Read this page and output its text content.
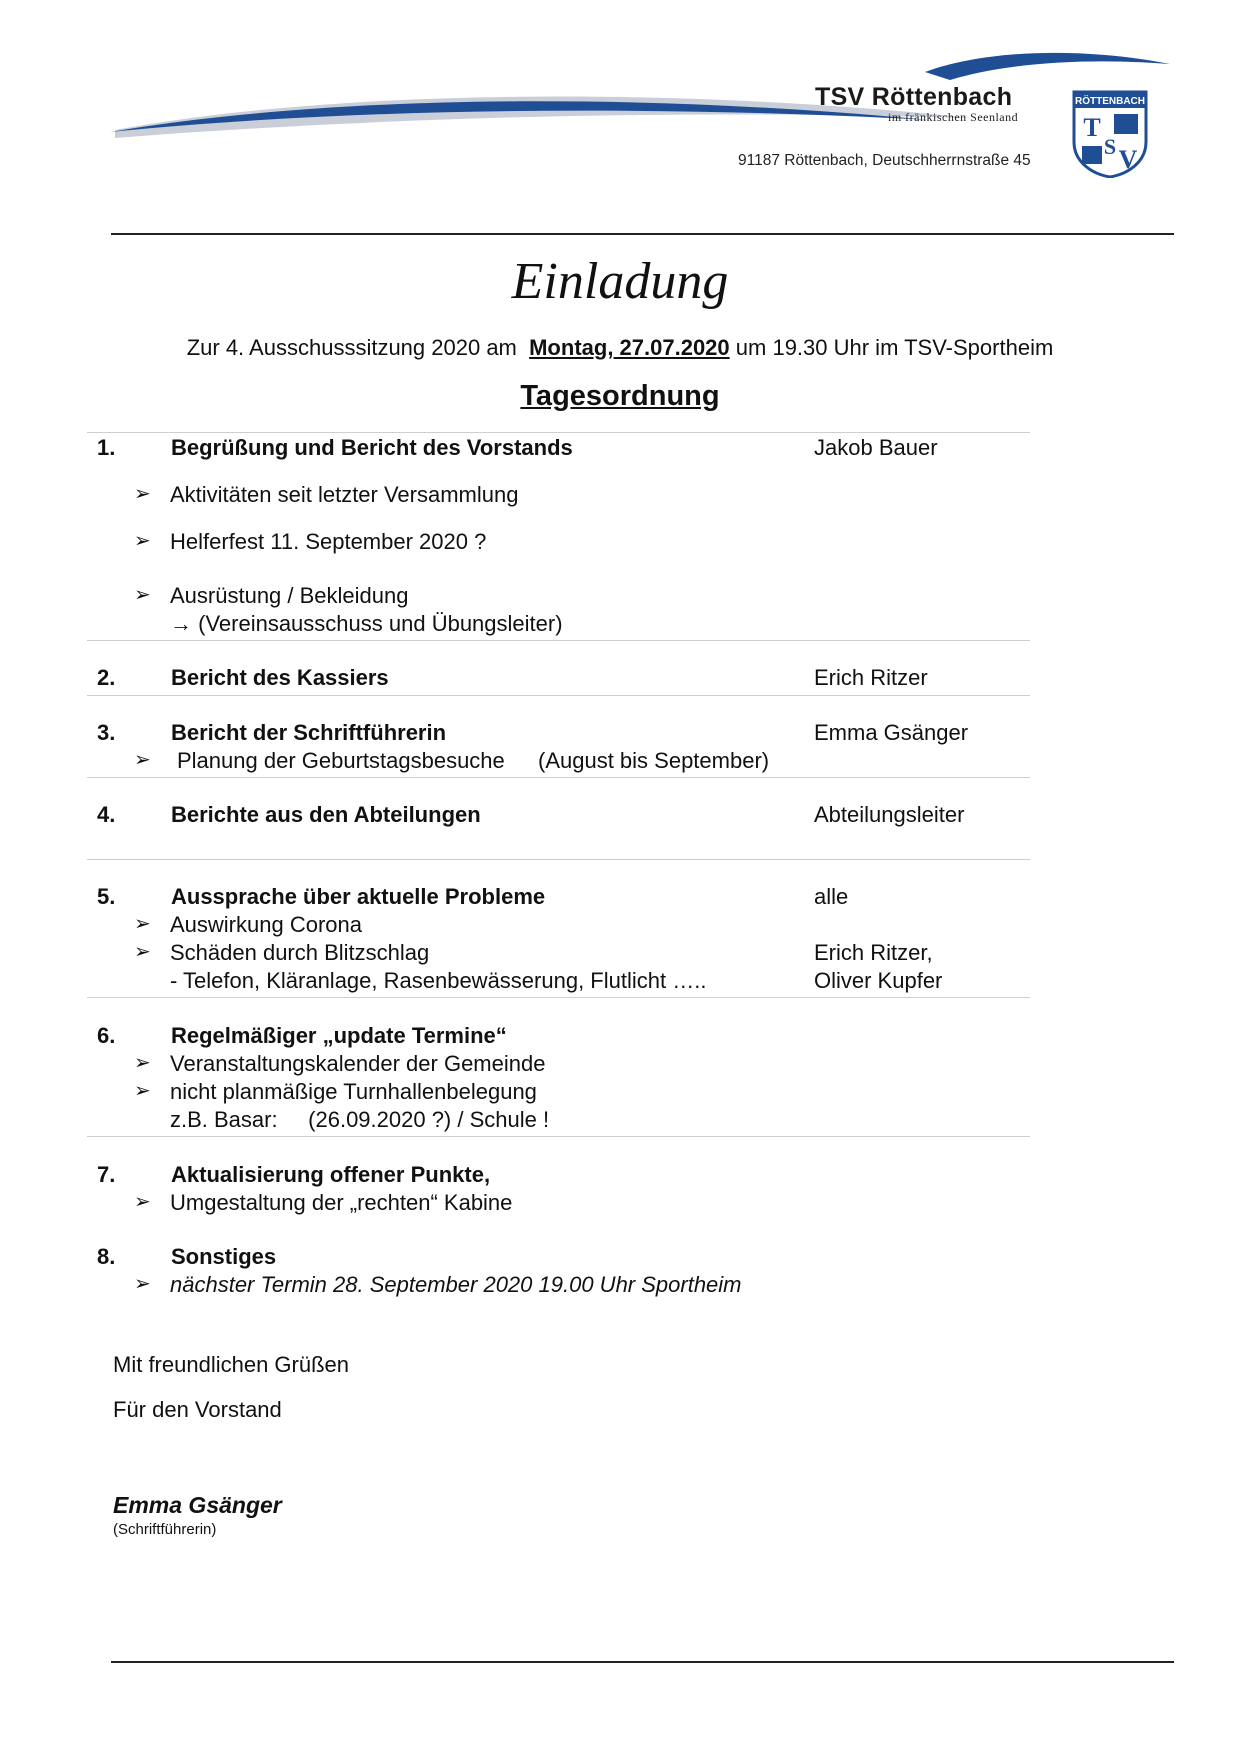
TSV Röttenbach
im fränkischen Seenland
91187 Röttenbach, Deutschherrnstraße 45
RÖTTENBACH
T
S V
Einladung
Zur 4. Ausschusssitzung 2020 am Montag, 27.07.2020 um 19.30 Uhr im TSV-Sportheim
Tagesordnung
1.	Begrüßung und Bericht des Vorstands	Jakob Bauer
➢ Aktivitäten seit letzter Versammlung
➢ Helferfest 11. September 2020 ?
➢ Ausrüstung / Bekleidung
→ (Vereinsausschuss und Übungsleiter)
2.	Bericht des Kassiers	Erich Ritzer
3.	Bericht der Schriftführerin	Emma Gsänger
➢ Planung der Geburtstagsbesuche (August bis September)
4.	Berichte aus den Abteilungen	Abteilungsleiter
5.	Aussprache über aktuelle Probleme	alle
➢ Auswirkung Corona
➢ Schäden durch Blitzschlag	Erich Ritzer,
- Telefon, Kläranlage, Rasenbewässerung, Flutlicht …..	Oliver Kupfer
6.	Regelmäßiger „update Termine“
➢ Veranstaltungskalender der Gemeinde
➢ nicht planmäßige Turnhallenbelegung
z.B. Basar:     (26.09.2020 ?) / Schule !
7.	Aktualisierung offener Punkte,
➢ Umgestaltung der „rechten“ Kabine
8.	Sonstiges
➢ nächster Termin 28. September 2020 19.00 Uhr Sportheim
Mit freundlichen Grüßen
Für den Vorstand
Emma Gsänger
(Schriftführerin)
